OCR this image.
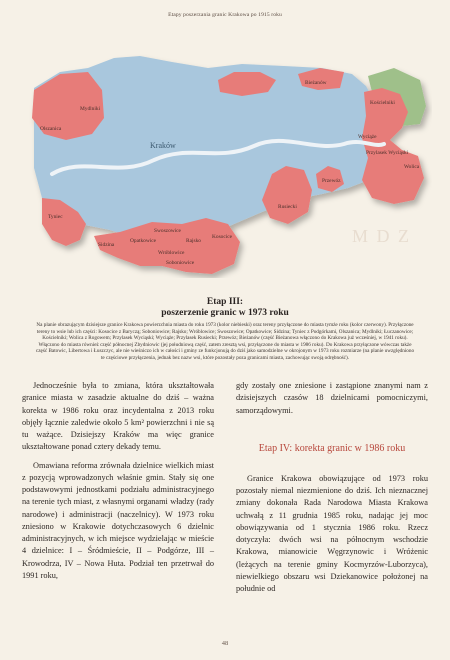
Etapy poszerzania granic Krakowa po 1915 roku
M D Z
Kraków
Mydlniki
Olszanica
Bieżanów
Kościelniki
Wyciąże
Przylasek Wyciąski
Wolica
Przewóz
Rusiecki
Tyniec
Sidzina
Opatkowice
Swoszowice
Rajsko
Kosocice
Wróblowice
Soboniowice
Etap III:
poszerzenie granic w 1973 roku
Na planie obrazującym dzisiejsze granice Krakowa powierzchnia miasta do roku 1973 (kolor niebieski) oraz tereny przyłączone do miasta tymże roku (kolor czerwony). Przyłączone tereny to wsie lub ich części: Kosocice z Baryczą; Soboniowice; Rajsko; Wróblowice; Swoszowice; Opatkowice; Sidzina; Tyniec z Podgórkami, Olszanica; Mydlniki; Łuczanowice; Kościelniki; Wolica z Rogowem; Przylasek Wyciąski; Wyciąże; Przylasek Rusiecki; Przewóz; Bieżanów (część Bieżanowa włączono do Krakowa już wcześniej, w 1941 roku). Włączono do miasta również część północnej Zbydniowic (jej południową część, zatem zresztą wsi, przyłączone do miasta w 1986 roku). Do Krakowa przyłączone wówczas także część Batowic, Libertowa i Łuszczyc, ale nie wieśniczo ich w całości i gminy ze funkcjonują do dziś jako samodzielne w okrojonym w 1973 roku rozmiarze (na planie uwzględniono te częściowe przyłączenia, jednak bez nazw wsi, które pozostały poza granicami miasta, zachowując swoją odrębność).

Jednocześnie była to zmiana, która ukształtowała granice miasta w zasadzie aktualne do dziś – ważna korekta w 1986 roku oraz incydentalna z 2013 roku objęły łącznie zaledwie około 5 km² powierzchni i nie są tu ważące. Dzisiejszy Kraków ma więc granice ukształtowane ponad cztery dekady temu.

Omawiana reforma zrównała dzielnice wielkich miast z pozycją wprowadzonych właśnie gmin. Stały się one podstawowymi jednostkami podziału administracyjnego na terenie tych miast, z własnymi organami władzy (rady narodowe) i administracji (naczelnicy). W 1973 roku zniesiono w Krakowie dotychczasowych 6 dzielnic administracyjnych, w ich miejsce wydzielając w mieście 4 dzielnice: I – Śródmieście, II – Podgórze, III – Krowodrza, IV – Nowa Huta. Podział ten przetrwał do 1991 roku,

gdy zostały one zniesione i zastąpione znanymi nam z dzisiejszych czasów 18 dzielnicami pomocniczymi, samorządowymi.

Etap IV: korekta granic w 1986 roku

Granice Krakowa obowiązujące od 1973 roku pozostały niemal niezmienione do dziś. Ich nieznacznej zmiany dokonała Rada Narodowa Miasta Krakowa uchwałą z 11 grudnia 1985 roku, nadając jej moc obowiązywania od 1 stycznia 1986 roku. Rzecz dotyczyła: dwóch wsi na północnym wschodzie Krakowa, mianowicie Węgrzynowic i Wróżenic (leżących na terenie gminy Kocmyrzów-Luborzyca), niewielkiego obszaru wsi Dziekanowice położonej na południe od

48
